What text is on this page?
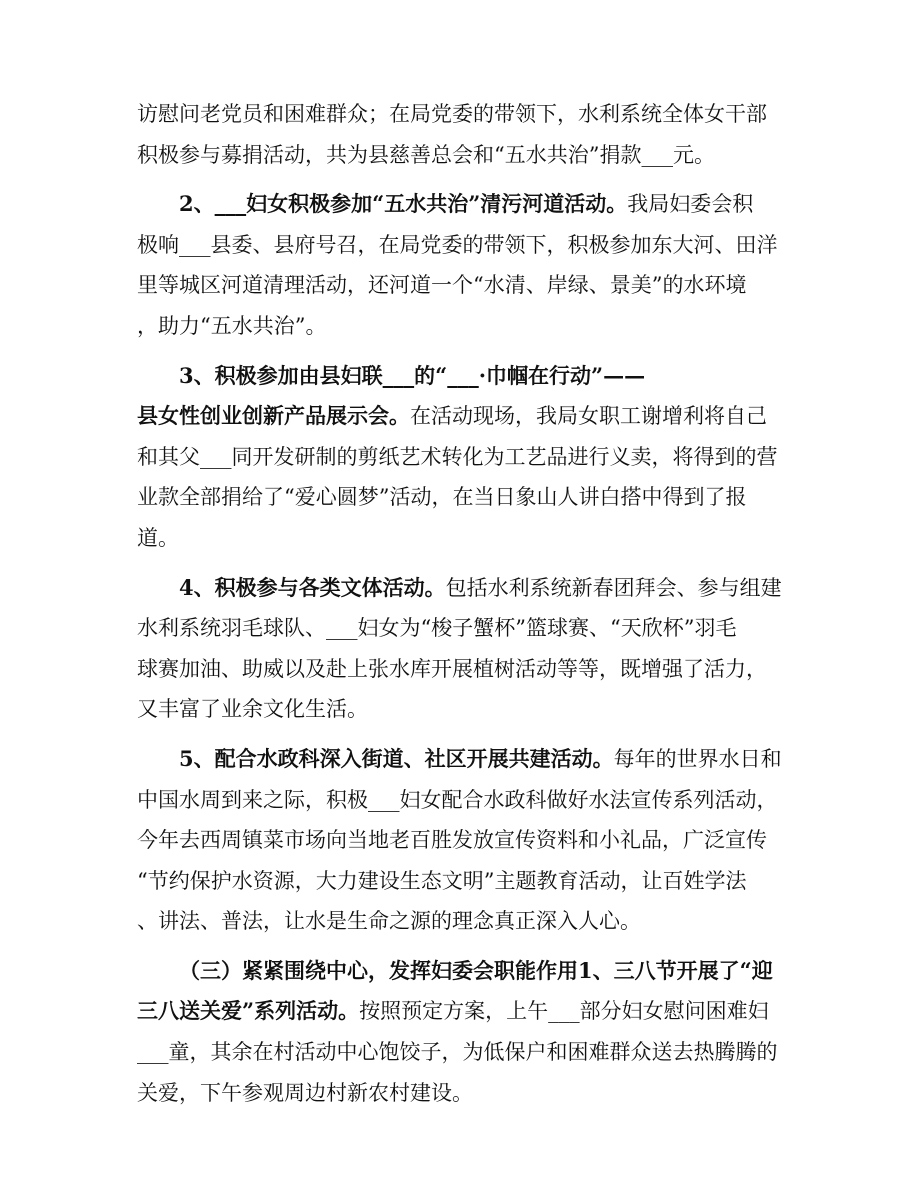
访慰问老党员和困难群众；在局党委的带领下，水利系统全体女干部
积极参与募捐活动，共为县慈善总会和“五水共治”捐款___元。
2、___妇女积极参加“五水共治”清污河道活动。我局妇委会积
极响___县委、县府号召，在局党委的带领下，积极参加东大河、田洋
里等城区河道清理活动，还河道一个“水清、岸绿、景美”的水环境
，助力“五水共治”。
3、积极参加由县妇联___的“___·巾帼在行动”——
县女性创业创新产品展示会。在活动现场，我局女职工谢增利将自己
和其父___同开发研制的剪纸艺术转化为工艺品进行义卖，将得到的营
业款全部捐给了“爱心圆梦”活动，在当日象山人讲白搭中得到了报
道。
4、积极参与各类文体活动。包括水利系统新春团拜会、参与组建
水利系统羽毛球队、___妇女为“梭子蟹杯”篮球赛、“天欣杯”羽毛
球赛加油、助威以及赴上张水库开展植树活动等等，既增强了活力，
又丰富了业余文化生活。
5、配合水政科深入街道、社区开展共建活动。每年的世界水日和
中国水周到来之际，积极___妇女配合水政科做好水法宣传系列活动，
今年去西周镇菜市场向当地老百胜发放宣传资料和小礼品，广泛宣传
“节约保护水资源，大力建设生态文明”主题教育活动，让百姓学法
、讲法、普法，让水是生命之源的理念真正深入人心。
（三）紧紧围绕中心，发挥妇委会职能作用1、三八节开展了“迎
三八送关爱”系列活动。按照预定方案，上午___部分妇女慰问困难妇
___童，其余在村活动中心饱饺子，为低保户和困难群众送去热腾腾的
关爱，下午参观周边村新农村建设。
